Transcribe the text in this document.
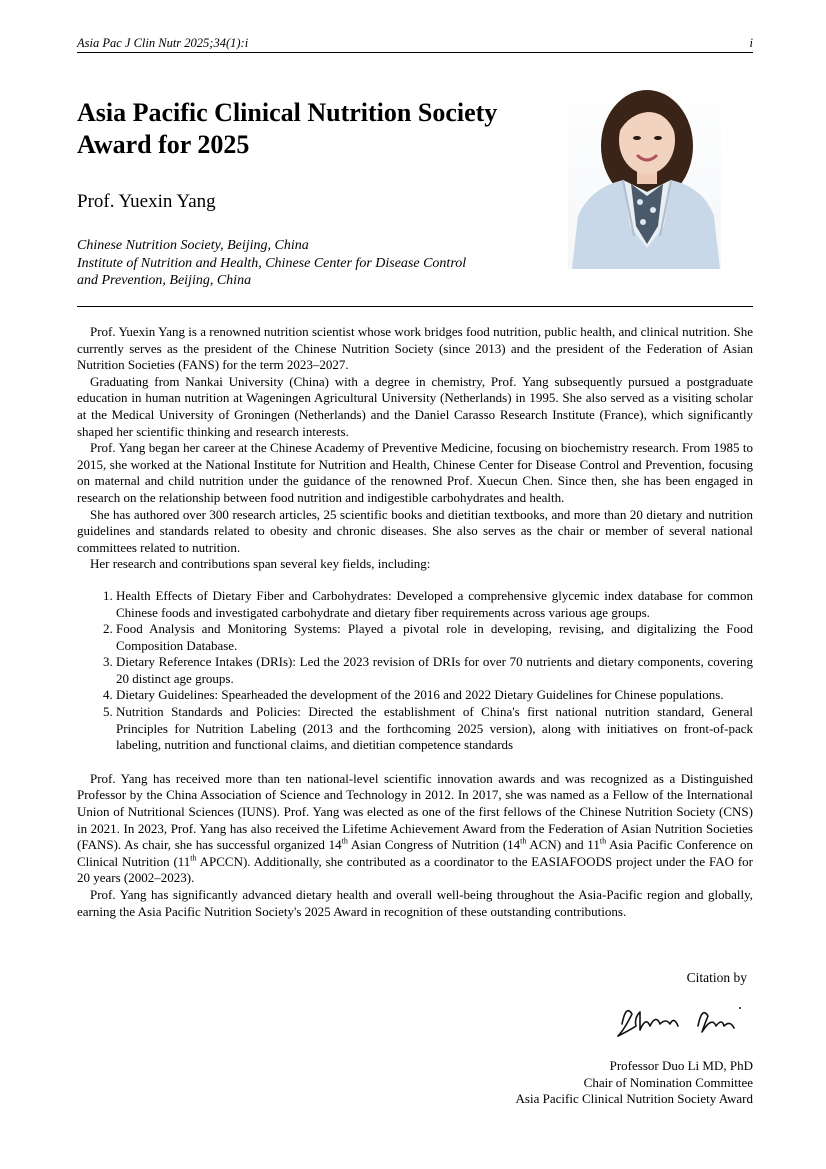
Asia Pac J Clin Nutr 2025;34(1):i	i
Asia Pacific Clinical Nutrition Society
Award for 2025
Prof. Yuexin Yang
Chinese Nutrition Society, Beijing, China
Institute of Nutrition and Health, Chinese Center for Disease Control
and Prevention, Beijing, China

Prof. Yuexin Yang is a renowned nutrition scientist whose work bridges food nutrition, public health, and clinical nutrition. She currently serves as the president of the Chinese Nutrition Society (since 2013) and the president of the Federation of Asian Nutrition Societies (FANS) for the term 2023–2027.

Graduating from Nankai University (China) with a degree in chemistry, Prof. Yang subsequently pursued a postgraduate education in human nutrition at Wageningen Agricultural University (Netherlands) in 1995. She also served as a visiting scholar at the Medical University of Groningen (Netherlands) and the Daniel Carasso Research Institute (France), which significantly shaped her scientific thinking and research interests.

Prof. Yang began her career at the Chinese Academy of Preventive Medicine, focusing on biochemistry research. From 1985 to 2015, she worked at the National Institute for Nutrition and Health, Chinese Center for Disease Control and Prevention, focusing on maternal and child nutrition under the guidance of the renowned Prof. Xuecun Chen. Since then, she has been engaged in research on the relationship between food nutrition and indigestible carbohydrates and health.

She has authored over 300 research articles, 25 scientific books and dietitian textbooks, and more than 20 dietary and nutrition guidelines and standards related to obesity and chronic diseases. She also serves as the chair or member of several national committees related to nutrition.

Her research and contributions span several key fields, including:

1. Health Effects of Dietary Fiber and Carbohydrates: Developed a comprehensive glycemic index database for common Chinese foods and investigated carbohydrate and dietary fiber requirements across various age groups.
2. Food Analysis and Monitoring Systems: Played a pivotal role in developing, revising, and digitalizing the Food Composition Database.
3. Dietary Reference Intakes (DRIs): Led the 2023 revision of DRIs for over 70 nutrients and dietary components, covering 20 distinct age groups.
4. Dietary Guidelines: Spearheaded the development of the 2016 and 2022 Dietary Guidelines for Chinese populations.
5. Nutrition Standards and Policies: Directed the establishment of China's first national nutrition standard, General Principles for Nutrition Labeling (2013 and the forthcoming 2025 version), along with initiatives on front-of-pack labeling, nutrition and functional claims, and dietitian competence standards

Prof. Yang has received more than ten national-level scientific innovation awards and was recognized as a Distinguished Professor by the China Association of Science and Technology in 2012. In 2017, she was named as a Fellow of the International Union of Nutritional Sciences (IUNS). Prof. Yang was elected as one of the first fellows of the Chinese Nutrition Society (CNS) in 2021. In 2023, Prof. Yang has also received the Lifetime Achievement Award from the Federation of Asian Nutrition Societies (FANS). As chair, she has successful organized 14th Asian Congress of Nutrition (14th ACN) and 11th Asia Pacific Conference on Clinical Nutrition (11th APCCN). Additionally, she contributed as a coordinator to the EASIAFOODS project under the FAO for 20 years (2002–2023).

Prof. Yang has significantly advanced dietary health and overall well-being throughout the Asia-Pacific region and globally, earning the Asia Pacific Nutrition Society's 2025 Award in recognition of these outstanding contributions.

Citation by
Professor Duo Li MD, PhD
Chair of Nomination Committee
Asia Pacific Clinical Nutrition Society Award
